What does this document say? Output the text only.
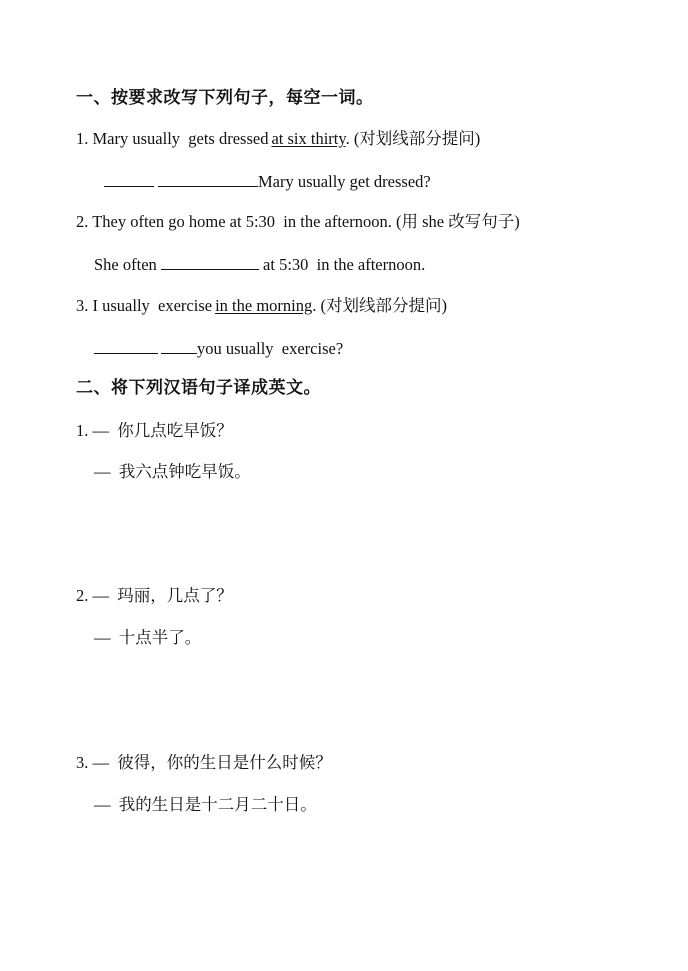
一、按要求改写下列句子，每空一词。
1. Mary usually  gets dressed at six thirty. (对划线部分提问)
Mary usually get dressed?
2. They often go home at 5:30  in the afternoon. (用 she 改写句子)
She often	at 5:30  in the afternoon.
3. I usually  exercise in the morning. (对划线部分提问)
you usually  exercise?
二、将下列汉语句子译成英文。
1. — 你几点吃早饭？
— 我六点钟吃早饭。
2. — 玛丽，几点了？
— 十点半了。
3. — 彼得，你的生日是什么时候？
— 我的生日是十二月二十日。
